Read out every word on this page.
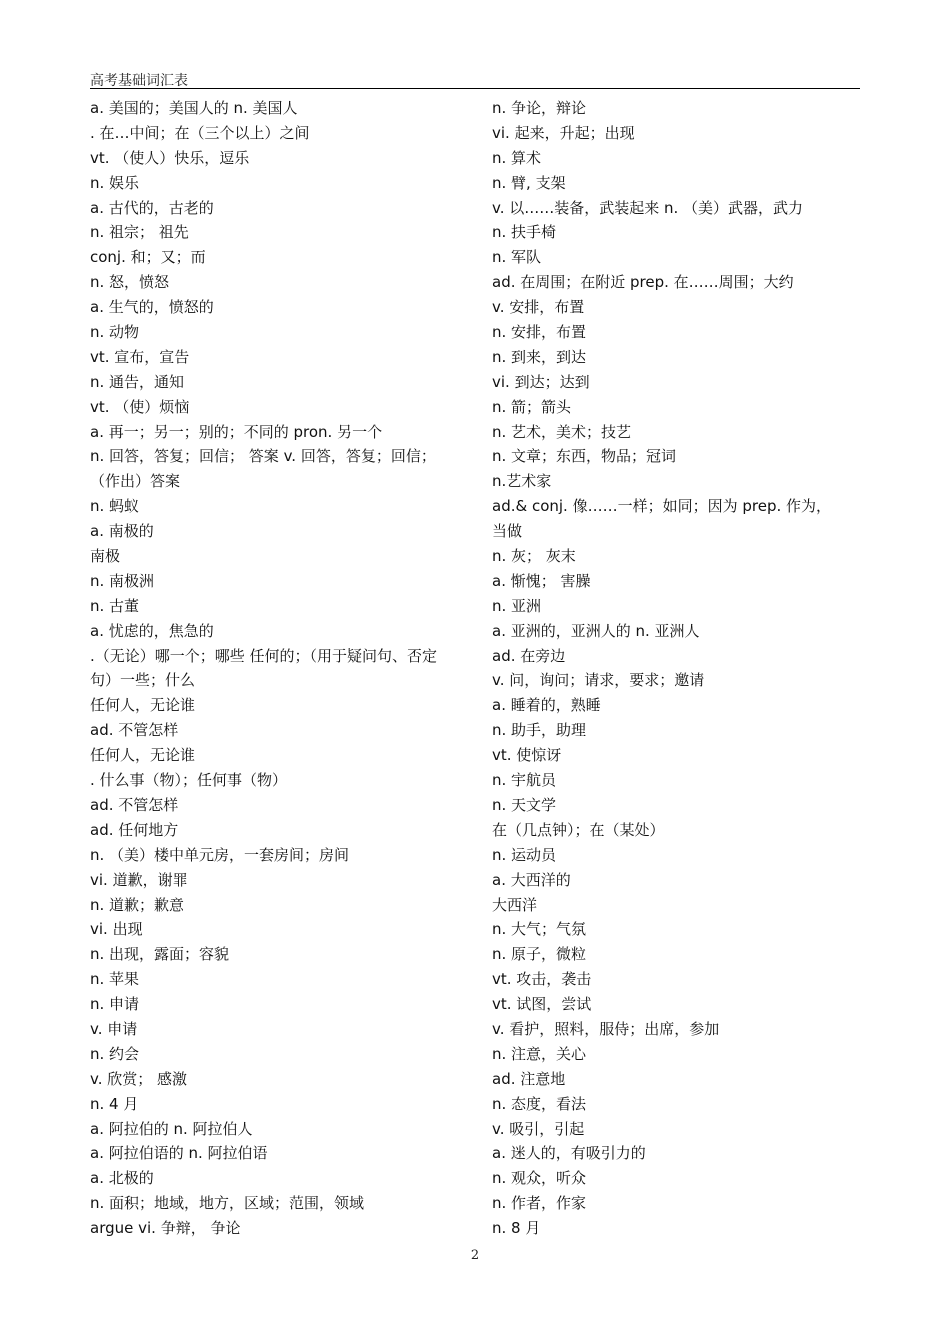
高考基础词汇表
a. 美国的；美国人的 n. 美国人
. 在…中间；在（三个以上）之间
vt. （使人）快乐，逗乐
n. 娱乐
a. 古代的，古老的
n. 祖宗； 祖先
conj. 和；又；而
n. 怒，愤怒
a. 生气的，愤怒的
n. 动物
vt. 宣布，宣告
n. 通告，通知
vt. （使）烦恼
a. 再一；另一；别的；不同的 pron. 另一个
n. 回答，答复；回信； 答案 v. 回答，答复；回信；
（作出）答案
n. 蚂蚁
a. 南极的
南极
n. 南极洲
n. 古董
a. 忧虑的，焦急的
.（无论）哪一个；哪些 任何的；（用于疑问句、否定
句）一些；什么
任何人，无论谁
ad. 不管怎样
任何人，无论谁
. 什么事（物）；任何事（物）
ad. 不管怎样
ad. 任何地方
n. （美）楼中单元房，一套房间；房间
vi. 道歉，谢罪
n. 道歉；歉意
vi. 出现
n. 出现，露面；容貌
n. 苹果
n. 申请
v. 申请
n. 约会
v. 欣赏； 感激
n. 4 月
a. 阿拉伯的 n. 阿拉伯人
a. 阿拉伯语的 n. 阿拉伯语
a. 北极的
n. 面积；地域，地方，区域；范围，领域
argue vi. 争辩， 争论
n. 争论，辩论
vi. 起来，升起；出现
n. 算术
n. 臂, 支架
v. 以……装备，武装起来 n. （美）武器，武力
n. 扶手椅
n. 军队
ad. 在周围；在附近 prep. 在……周围；大约
v. 安排，布置
n. 安排，布置
n. 到来，到达
vi. 到达；达到
n. 箭；箭头
n. 艺术，美术；技艺
n. 文章；东西，物品；冠词
n.艺术家
ad.& conj. 像……一样；如同；因为 prep. 作为，
当做
n. 灰； 灰末
a. 惭愧； 害臊
n. 亚洲
a. 亚洲的，亚洲人的 n. 亚洲人
ad. 在旁边
v. 问，询问；请求，要求；邀请
a. 睡着的，熟睡
n. 助手，助理
vt. 使惊讶
n. 宇航员
n. 天文学
在（几点钟）；在（某处）
n. 运动员
a. 大西洋的
大西洋
n. 大气；气氛
n. 原子，微粒
vt. 攻击，袭击
vt. 试图，尝试
v. 看护，照料，服侍；出席，参加
n. 注意，关心
ad. 注意地
n. 态度，看法
v. 吸引，引起
a. 迷人的，有吸引力的
n. 观众，听众
n. 作者，作家
n. 8 月
2
